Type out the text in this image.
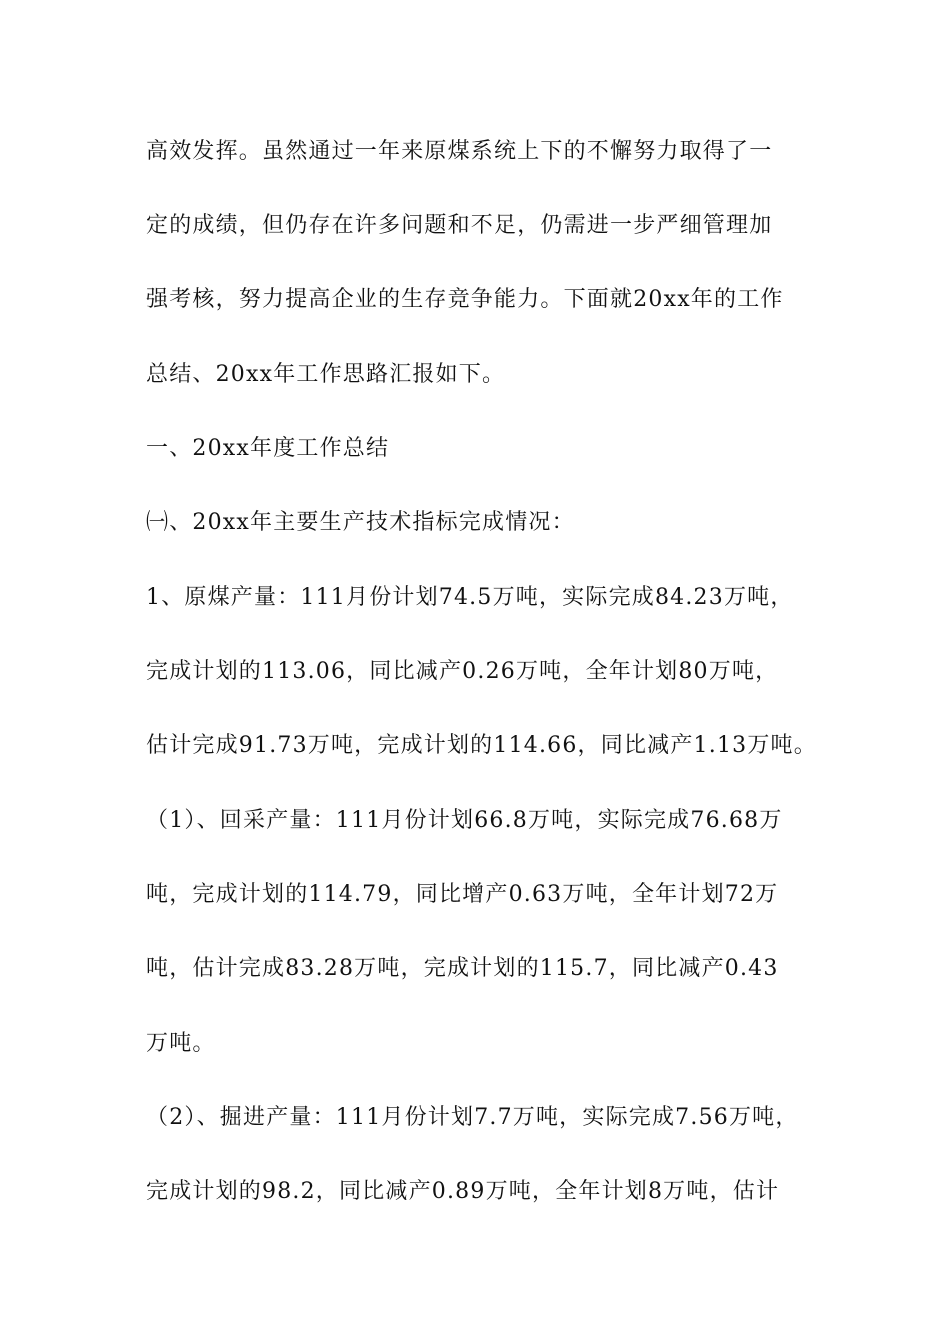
高效发挥。虽然通过一年来原煤系统上下的不懈努力取得了一
定的成绩，但仍存在许多问题和不足，仍需进一步严细管理加
强考核，努力提高企业的生存竞争能力。下面就20xx年的工作
总结、20xx年工作思路汇报如下。
一、20xx年度工作总结
㈠、20xx年主要生产技术指标完成情况：
1、原煤产量：111月份计划74.5万吨，实际完成84.23万吨，
完成计划的113.06，同比减产0.26万吨，全年计划80万吨，
估计完成91.73万吨，完成计划的114.66，同比减产1.13万吨。
（1）、回采产量：111月份计划66.8万吨，实际完成76.68万
吨，完成计划的114.79，同比增产0.63万吨，全年计划72万
吨，估计完成83.28万吨，完成计划的115.7，同比减产0.43
万吨。
（2）、掘进产量：111月份计划7.7万吨，实际完成7.56万吨，
完成计划的98.2，同比减产0.89万吨，全年计划8万吨，估计
